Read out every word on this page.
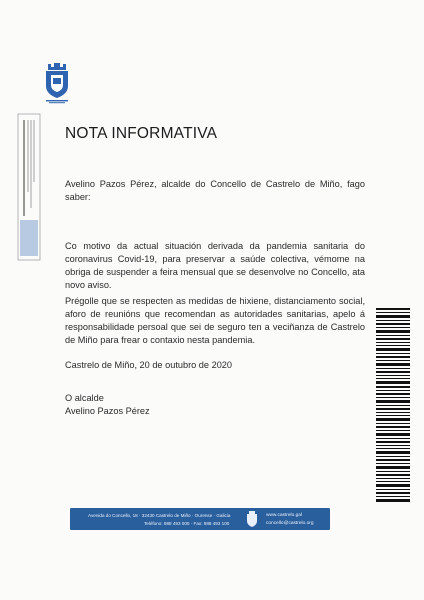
NOTA INFORMATIVA
Avelino Pazos Pérez, alcalde do Concello de Castrelo de Miño, fago saber:
Co motivo da actual situación derivada da pandemia sanitaria do coronavirus Covid-19, para preservar a saúde colectiva, vémome na obriga de suspender a feira mensual que se desenvolve no Concello, ata novo aviso.
Prégolle que se respecten as medidas de hixiene, distanciamento social, aforo de reunións que recomendan as autoridades sanitarias, apelo á responsabilidade persoal que sei de seguro ten a veciñanza de Castrelo de Miño para frear o contaxio nesta pandemia.
Castrelo de Miño, 20 de outubro de 2020
O alcalde
Avelino Pazos Pérez
Avenida do Concello, 18 · 32430 Castrelo de Miño · Ourense · Galicia
Teléfono: 988 493 000 · Fax: 988 493 100
www.castrelo.gal
concello@castrelo.org
